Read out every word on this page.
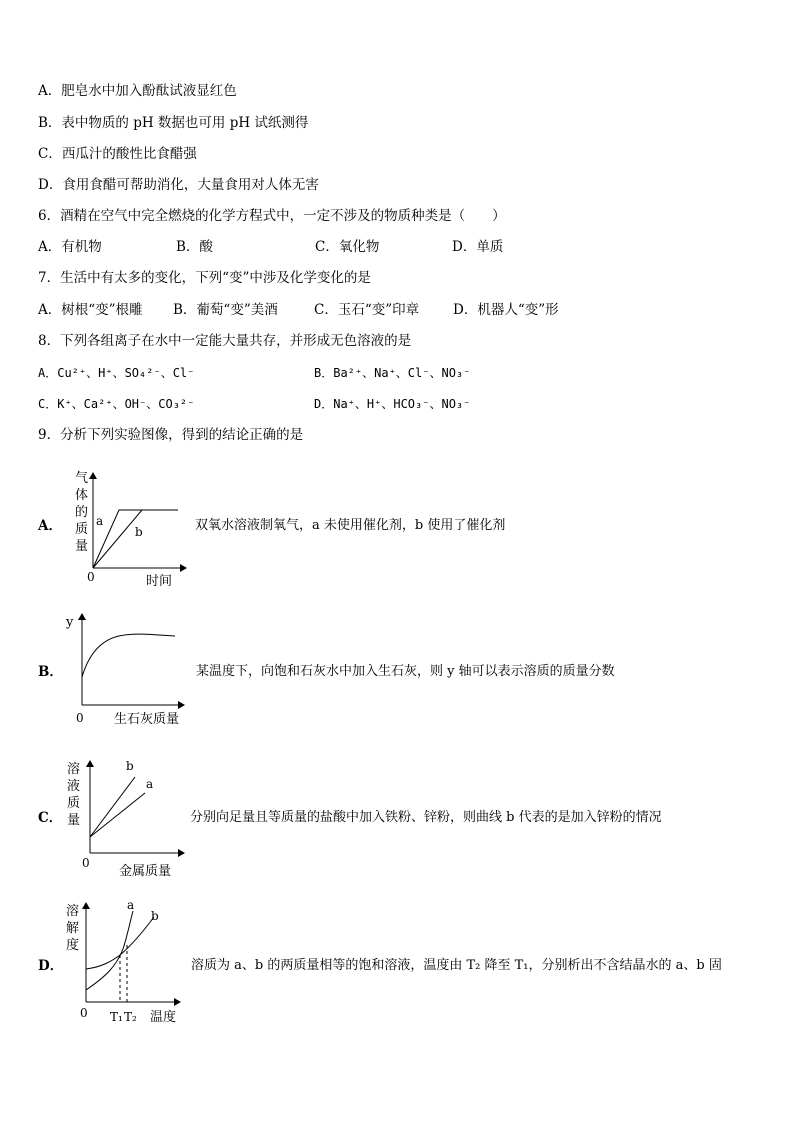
A．肥皂水中加入酚酞试液显红色
B．表中物质的 pH 数据也可用 pH 试纸测得
C．西瓜汁的酸性比食醋强
D．食用食醋可帮助消化，大量食用对人体无害
6．酒精在空气中完全燃烧的化学方程式中，一定不涉及的物质种类是（　　）
A．有机物	B．酸	C．氧化物	D．单质
7．生活中有太多的变化，下列“变”中涉及化学变化的是
A．树根“变”根雕 B．葡萄“变”美酒	C．玉石“变”印章	D．机器人“变”形
8．下列各组离子在水中一定能大量共存，并形成无色溶液的是
A．Cu²⁺、H⁺、SO₄²⁻、Cl⁻	B．Ba²⁺、Na⁺、Cl⁻、NO₃⁻
C．K⁺、Ca²⁺、OH⁻、CO₃²⁻	D．Na⁺、H⁺、HCO₃⁻、NO₃⁻
9．分析下列实验图像，得到的结论正确的是
A．
气
体
的
质
量
a
b
0	时间
双氧水溶液制氧气，a 未使用催化剂，b 使用了催化剂
B．
y
0 生石灰质量
某温度下，向饱和石灰水中加入生石灰，则 y 轴可以表示溶质的质量分数
C．
溶
液
质
量
b
a
0
金属质量
分别向足量且等质量的盐酸中加入铁粉、锌粉，则曲线 b 代表的是加入锌粉的情况
D．
溶
解
度
a
b
0 T₁ T₂ 温度
溶质为 a、b 的两质量相等的饱和溶液，温度由 T₂ 降至 T₁，分别析出不含结晶水的 a、b 固
